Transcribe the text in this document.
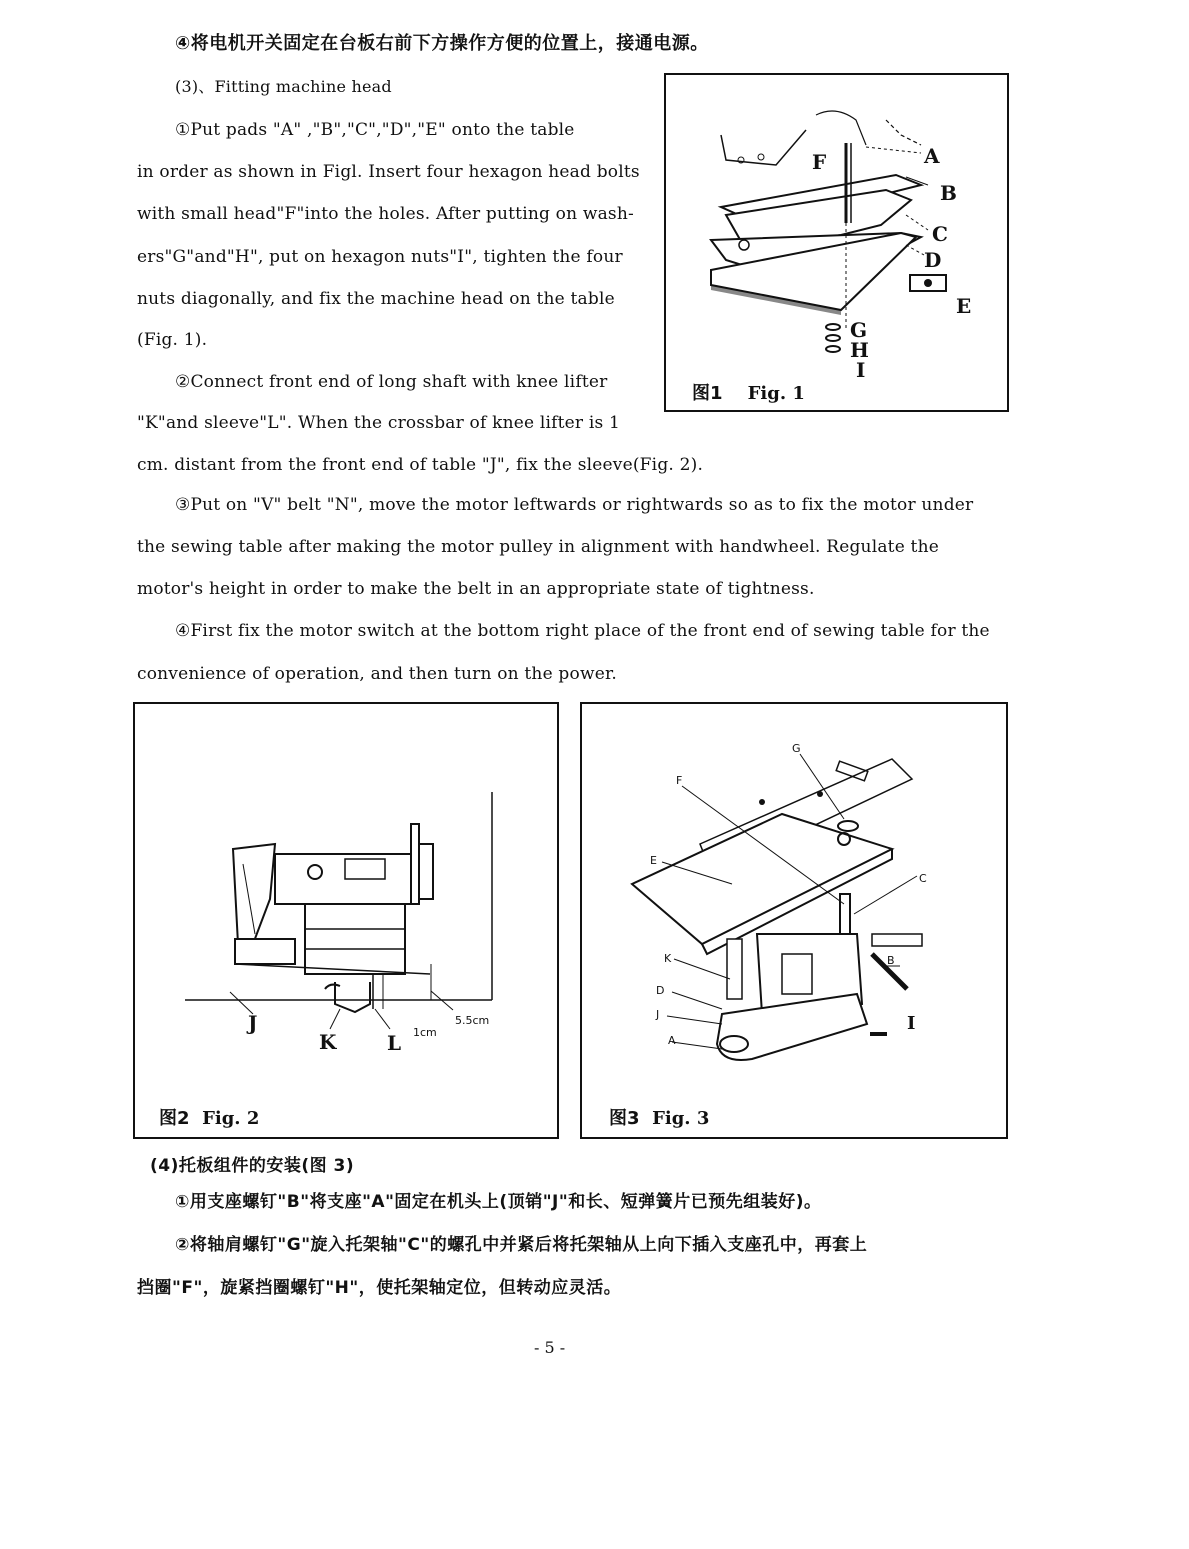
④将电机开关固定在台板右前下方操作方便的位置上，接通电源。
(3)、Fitting machine head
①Put pads "A" ,"B","C","D","E" onto the table
in order as shown in Figl. Insert four hexagon head bolts
with small head"F"into the holes. After putting on wash-
ers"G"and"H", put on hexagon nuts"I", tighten the four
nuts diagonally, and fix the machine head on the table
(Fig. 1).
②Connect front end of long shaft with knee lifter
"K"and sleeve"L". When the crossbar of knee lifter is 1
cm. distant from the front end of table "J", fix the sleeve(Fig. 2).
③Put on "V" belt "N", move the motor leftwards or rightwards so as to fix the motor under
the sewing table after making the motor pulley in alignment with handwheel. Regulate the
motor's height in order to make the belt in an appropriate state of tightness.
④First fix the motor switch at the bottom right place of the front end of sewing table for the
convenience of operation, and then turn on the power.
A
B
C
D
E
F
G
H
I
图1 Fig. 1
J
K	L 1cm
5.5cm
图2 Fig. 2
G
F
E
C
K	B
D
J
A
I
图3 Fig. 3
(4)托板组件的安装(图 3)
①用支座螺钉"B"将支座"A"固定在机头上(顶销"J"和长、短弹簧片已预先组装好)。
②将轴肩螺钉"G"旋入托架轴"C"的螺孔中并紧后将托架轴从上向下插入支座孔中，再套上
挡圈"F"，旋紧挡圈螺钉"H"，使托架轴定位，但转动应灵活。
- 5 -
